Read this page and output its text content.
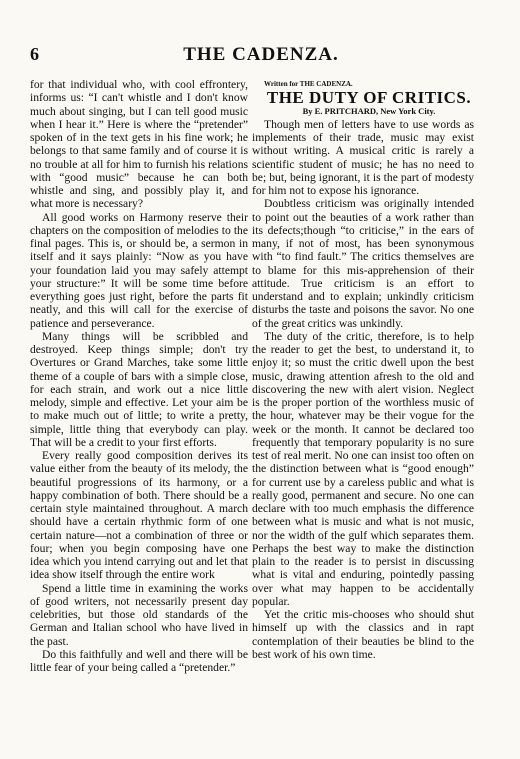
6	THE CADENZA.

for that individual who, with cool effrontery, informs us: “I can't whistle and I don't know much about singing, but I can tell good music when I hear it.” Here is where the “pretender” spoken of in the text gets in his fine work; he belongs to that same family and of course it is no trouble at all for him to furnish his relations with “good music” because he can both whistle and sing, and possibly play it, and what more is necessary?

All good works on Harmony reserve their chapters on the composition of melodies to the final pages. This is, or should be, a sermon in itself and it says plainly: “Now as you have your foundation laid you may safely attempt your structure:” It will be some time before everything goes just right, before the parts fit neatly, and this will call for the exercise of patience and perseverance.

Many things will be scribbled and destroyed. Keep things simple; don't try Overtures or Grand Marches, take some little theme of a couple of bars with a simple close, for each strain, and work out a nice little melody, simple and effective. Let your aim be to make much out of little; to write a pretty, simple, little thing that everybody can play. That will be a credit to your first efforts.

Every really good composition derives its value either from the beauty of its melody, the beautiful progressions of its harmony, or a happy combination of both. There should be a certain style maintained throughout. A march should have a certain rhythmic form of one certain nature—not a combination of three or four; when you begin composing have one idea which you intend carrying out and let that idea show itself through the entire work

Spend a little time in examining the works of good writers, not necessarily present day celebrities, but those old standards of the German and Italian school who have lived in the past.

Do this faithfully and well and there will be little fear of your being called a “pretender.”

Written for THE CADENZA.

THE DUTY OF CRITICS.

By E. PRITCHARD, New York City.

Though men of letters have to use words as implements of their trade, music may exist without writing. A musical critic is rarely a scientific student of music; he has no need to be; but, being ignorant, it is the part of modesty for him not to expose his ignorance.

Doubtless criticism was originally intended to point out the beauties of a work rather than its defects;though “to criticise,” in the ears of many, if not of most, has been synonymous with “to find fault.” The critics themselves are to blame for this mis-apprehension of their attitude. True criticism is an effort to understand and to explain; unkindly criticism disturbs the taste and poisons the savor. No one of the great critics was unkindly.

The duty of the critic, therefore, is to help the reader to get the best, to understand it, to enjoy it; so must the critic dwell upon the best music, drawing attention afresh to the old and discovering the new with alert vision. Neglect is the proper portion of the worthless music of the hour, whatever may be their vogue for the week or the month. It cannot be declared too frequently that temporary popularity is no sure test of real merit. No one can insist too often on the distinction between what is “good enough” for current use by a careless public and what is really good, permanent and secure. No one can declare with too much emphasis the difference between what is music and what is not music, nor the width of the gulf which separates them. Perhaps the best way to make the distinction plain to the reader is to persist in discussing what is vital and enduring, pointedly passing over what may happen to be accidentally popular.

Yet the critic mis-chooses who should shut himself up with the classics and in rapt contemplation of their beauties be blind to the best work of his own time.
